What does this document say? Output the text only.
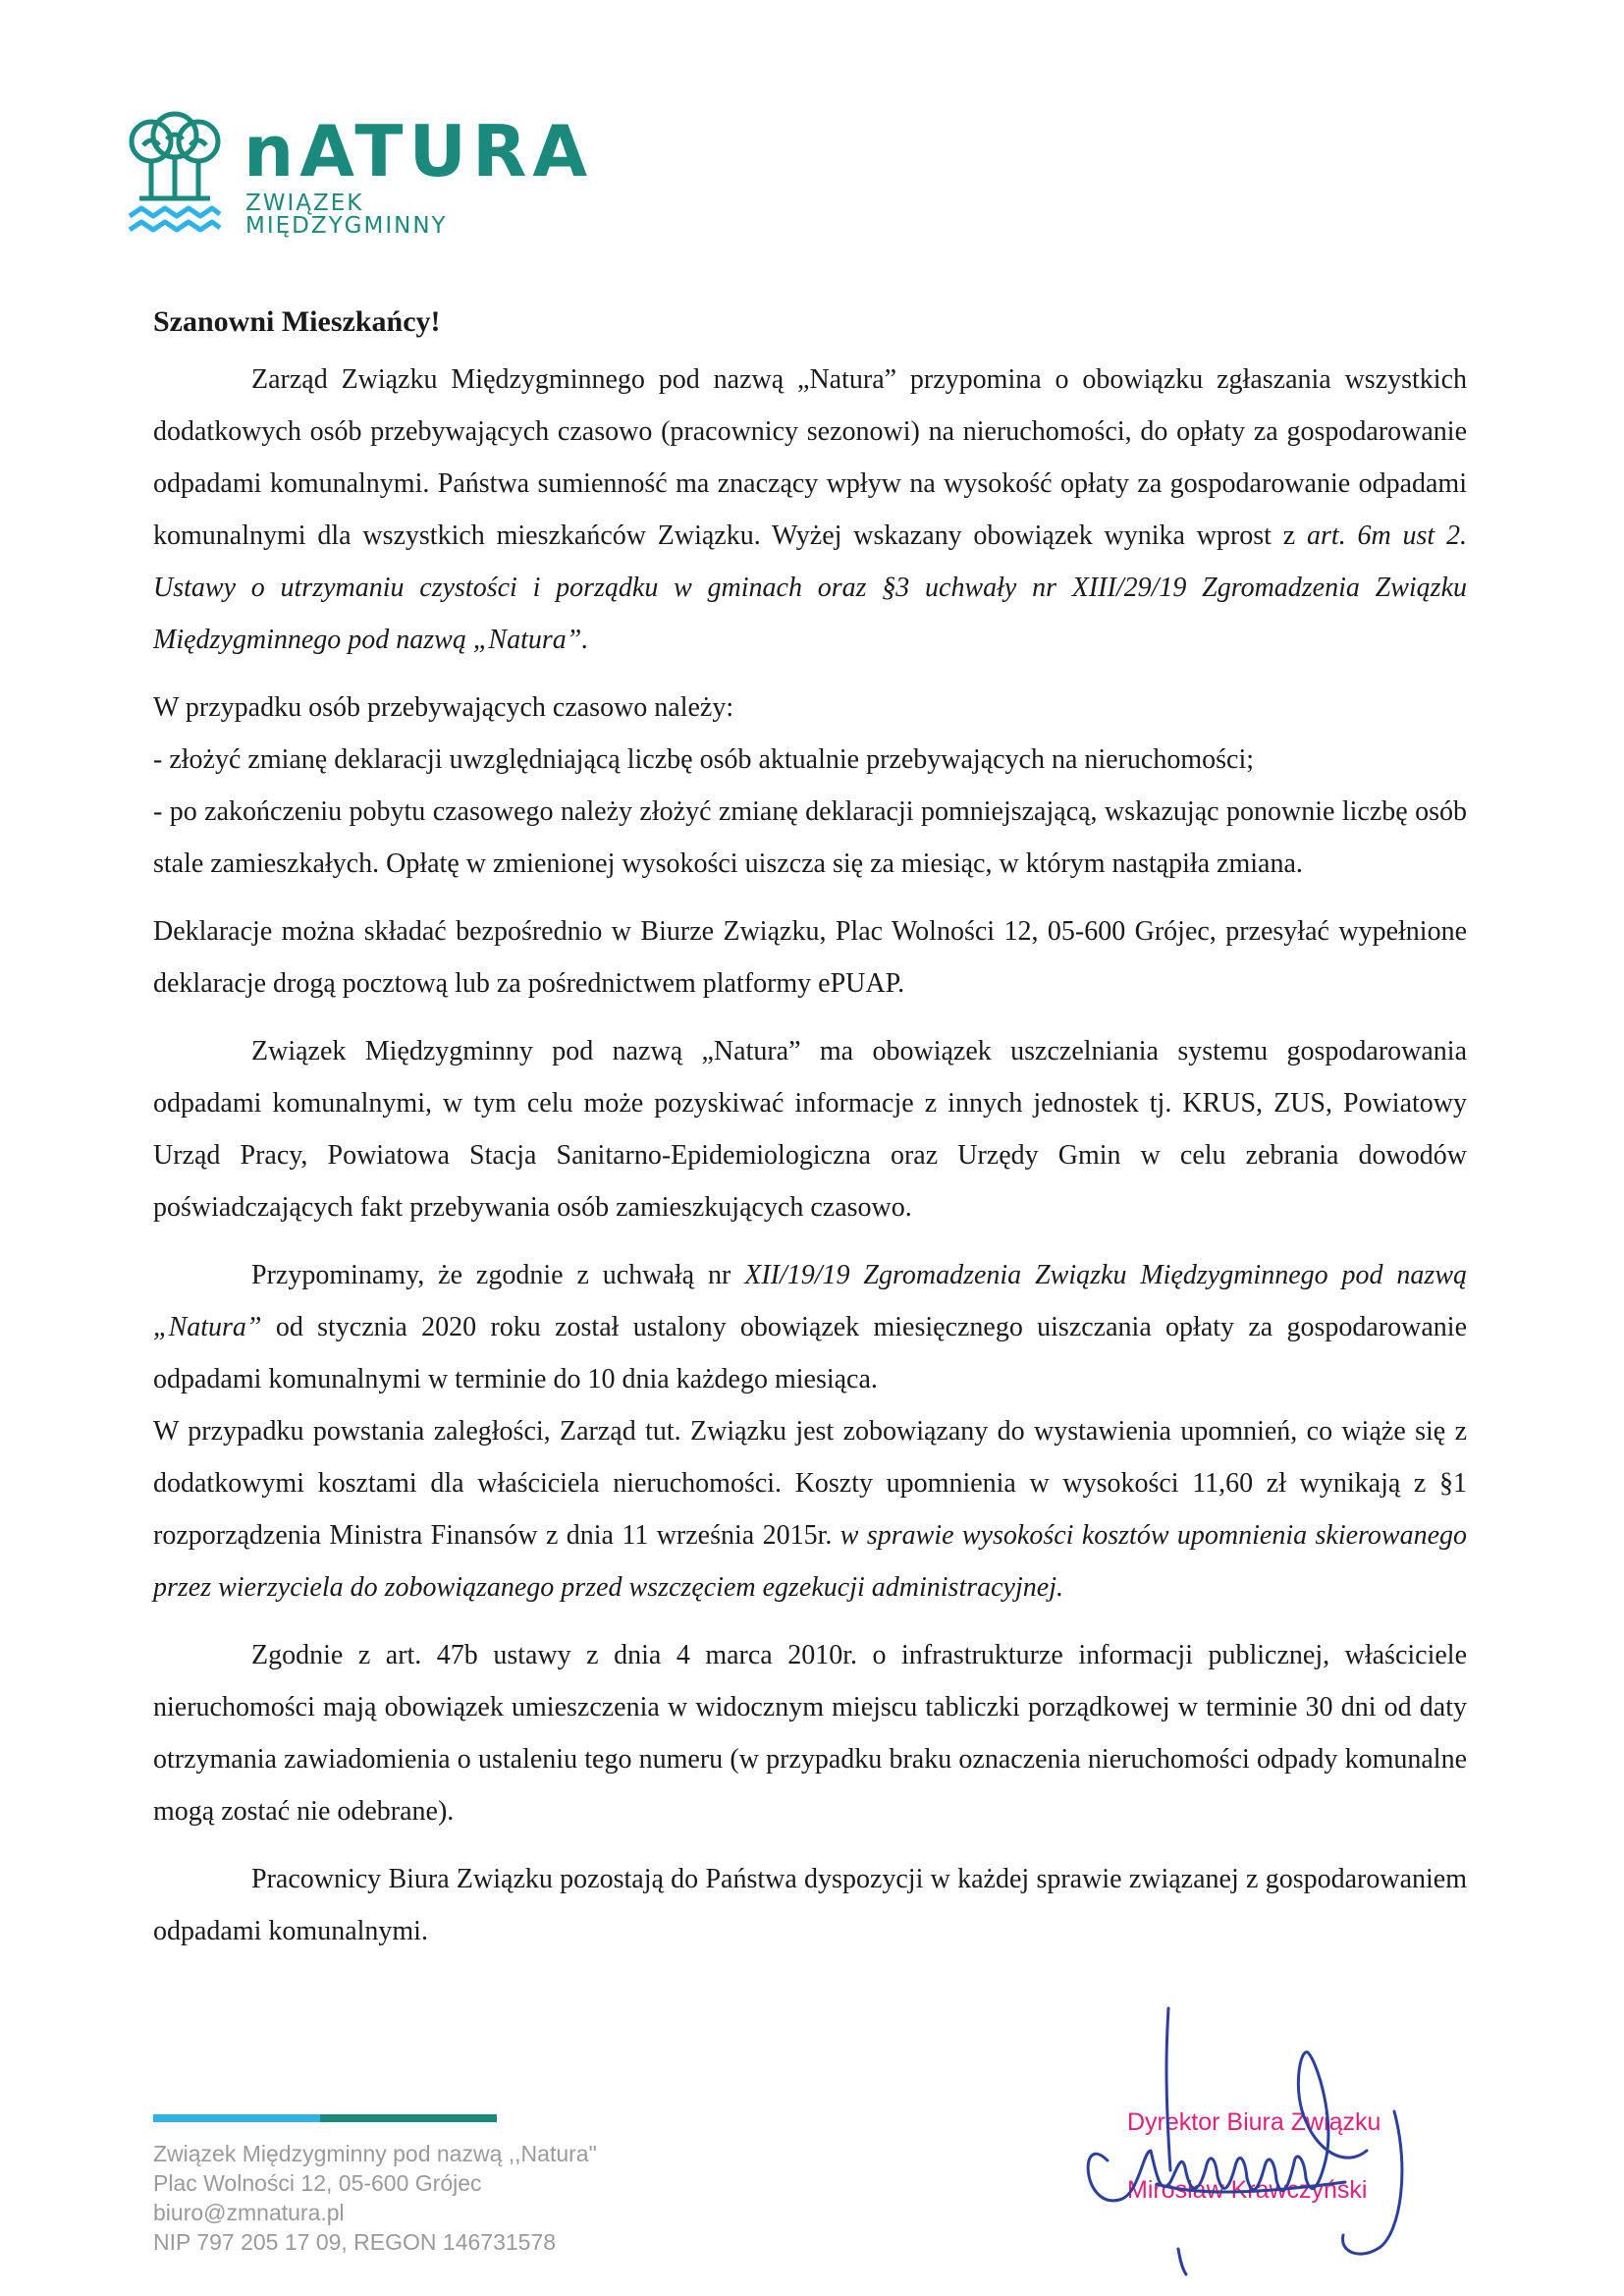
nATURA
ZWIĄZEK MIĘDZYGMINNY
Szanowni Mieszkańcy!

Zarząd Związku Międzygminnego pod nazwą „Natura” przypomina o obowiązku zgłaszania wszystkich dodatkowych osób przebywających czasowo (pracownicy sezonowi) na nieruchomości, do opłaty za gospodarowanie odpadami komunalnymi. Państwa sumienność ma znaczący wpływ na wysokość opłaty za gospodarowanie odpadami komunalnymi dla wszystkich mieszkańców Związku. Wyżej wskazany obowiązek wynika wprost z art. 6m ust 2. Ustawy o utrzymaniu czystości i porządku w gminach oraz §3 uchwały nr XIII/29/19 Zgromadzenia Związku Międzygminnego pod nazwą „Natura”.

W przypadku osób przebywających czasowo należy:
- złożyć zmianę deklaracji uwzględniającą liczbę osób aktualnie przebywających na nieruchomości;
- po zakończeniu pobytu czasowego należy złożyć zmianę deklaracji pomniejszającą, wskazując ponownie liczbę osób stale zamieszkałych. Opłatę w zmienionej wysokości uiszcza się za miesiąc, w którym nastąpiła zmiana.

Deklaracje można składać bezpośrednio w Biurze Związku, Plac Wolności 12, 05-600 Grójec, przesyłać wypełnione deklaracje drogą pocztową lub za pośrednictwem platformy ePUAP.

Związek Międzygminny pod nazwą „Natura” ma obowiązek uszczelniania systemu gospodarowania odpadami komunalnymi, w tym celu może pozyskiwać informacje z innych jednostek tj. KRUS, ZUS, Powiatowy Urząd Pracy, Powiatowa Stacja Sanitarno-Epidemiologiczna oraz Urzędy Gmin w celu zebrania dowodów poświadczających fakt przebywania osób zamieszkujących czasowo.

Przypominamy, że zgodnie z uchwałą nr XII/19/19 Zgromadzenia Związku Międzygminnego pod nazwą „Natura” od stycznia 2020 roku został ustalony obowiązek miesięcznego uiszczania opłaty za gospodarowanie odpadami komunalnymi w terminie do 10 dnia każdego miesiąca.

W przypadku powstania zaległości, Zarząd tut. Związku jest zobowiązany do wystawienia upomnień, co wiąże się z dodatkowymi kosztami dla właściciela nieruchomości. Koszty upomnienia w wysokości 11,60 zł wynikają z §1 rozporządzenia Ministra Finansów z dnia 11 września 2015r. w sprawie wysokości kosztów upomnienia skierowanego przez wierzyciela do zobowiązanego przed wszczęciem egzekucji administracyjnej.

Zgodnie z art. 47b ustawy z dnia 4 marca 2010r. o infrastrukturze informacji publicznej, właściciele nieruchomości mają obowiązek umieszczenia w widocznym miejscu tabliczki porządkowej w terminie 30 dni od daty otrzymania zawiadomienia o ustaleniu tego numeru (w przypadku braku oznaczenia nieruchomości odpady komunalne mogą zostać nie odebrane).

Pracownicy Biura Związku pozostają do Państwa dyspozycji w każdej sprawie związanej z gospodarowaniem odpadami komunalnymi.

Związek Międzygminny pod nazwą ,,Natura"
Plac Wolności 12, 05-600 Grójec
biuro@zmnatura.pl
NIP 797 205 17 09, REGON 146731578
Dyrektor Biura Związku
Mirosław Krawczyński
